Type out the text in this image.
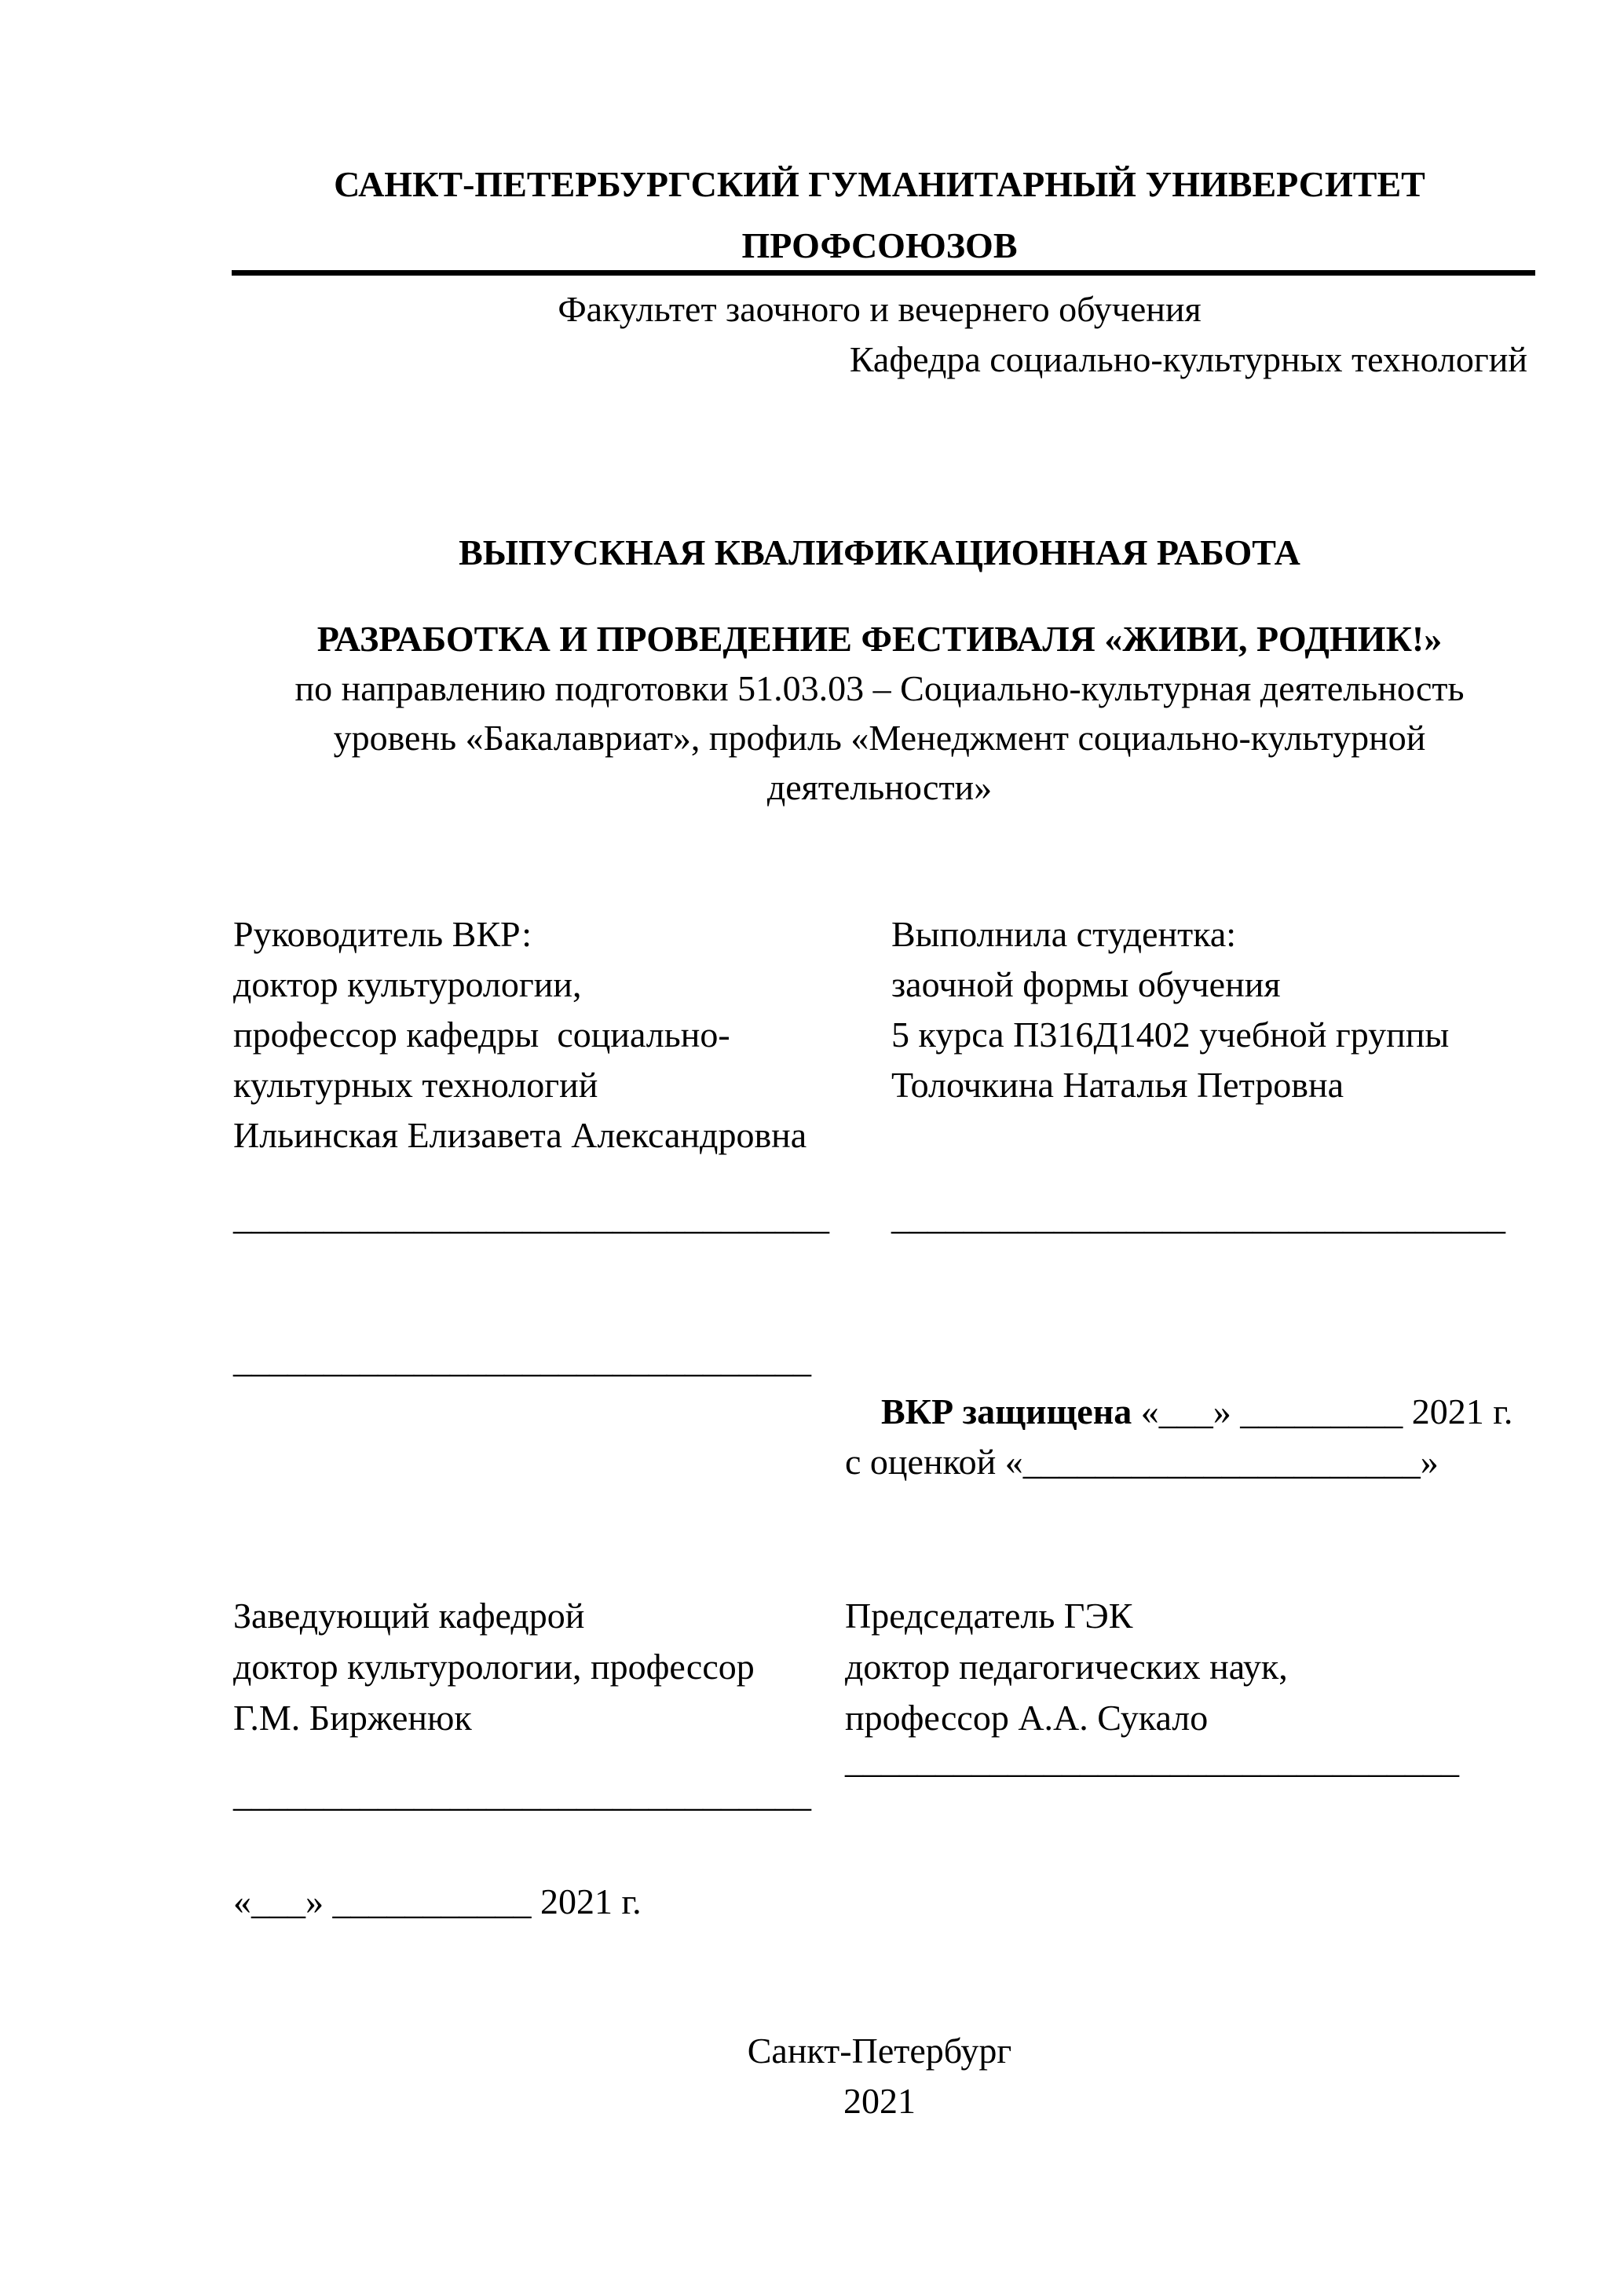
САНКТ-ПЕТЕРБУРГСКИЙ ГУМАНИТАРНЫЙ УНИВЕРСИТЕТ
ПРОФСОЮЗОВ
Факультет заочного и вечернего обучения
Кафедра социально-культурных технологий
ВЫПУСКНАЯ КВАЛИФИКАЦИОННАЯ РАБОТА
РАЗРАБОТКА И ПРОВЕДЕНИЕ ФЕСТИВАЛЯ «ЖИВИ, РОДНИК!»
по направлению подготовки 51.03.03 – Социально-культурная деятельность
уровень «Бакалавриат», профиль «Менеджмент социально-культурной
деятельности»
Руководитель ВКР:
доктор культурологии,
профессор кафедры  социально-
культурных технологий
Ильинская Елизавета Александровна
Выполнила студентка:
заочной формы обучения
5 курса П316Д1402 учебной группы
Толочкина Наталья Петровна
_________________________________ __________________________________
________________________________

ВКР защищена «___» _________ 2021 г.

с оценкой «______________________»
Заведующий кафедрой
доктор культурологии, профессор
Г.М. Бирженюк
Председатель ГЭК
доктор педагогических наук,
профессор А.А. Сукало
__________________________________
________________________________
«___» ___________ 2021 г.
Санкт-Петербург
2021
